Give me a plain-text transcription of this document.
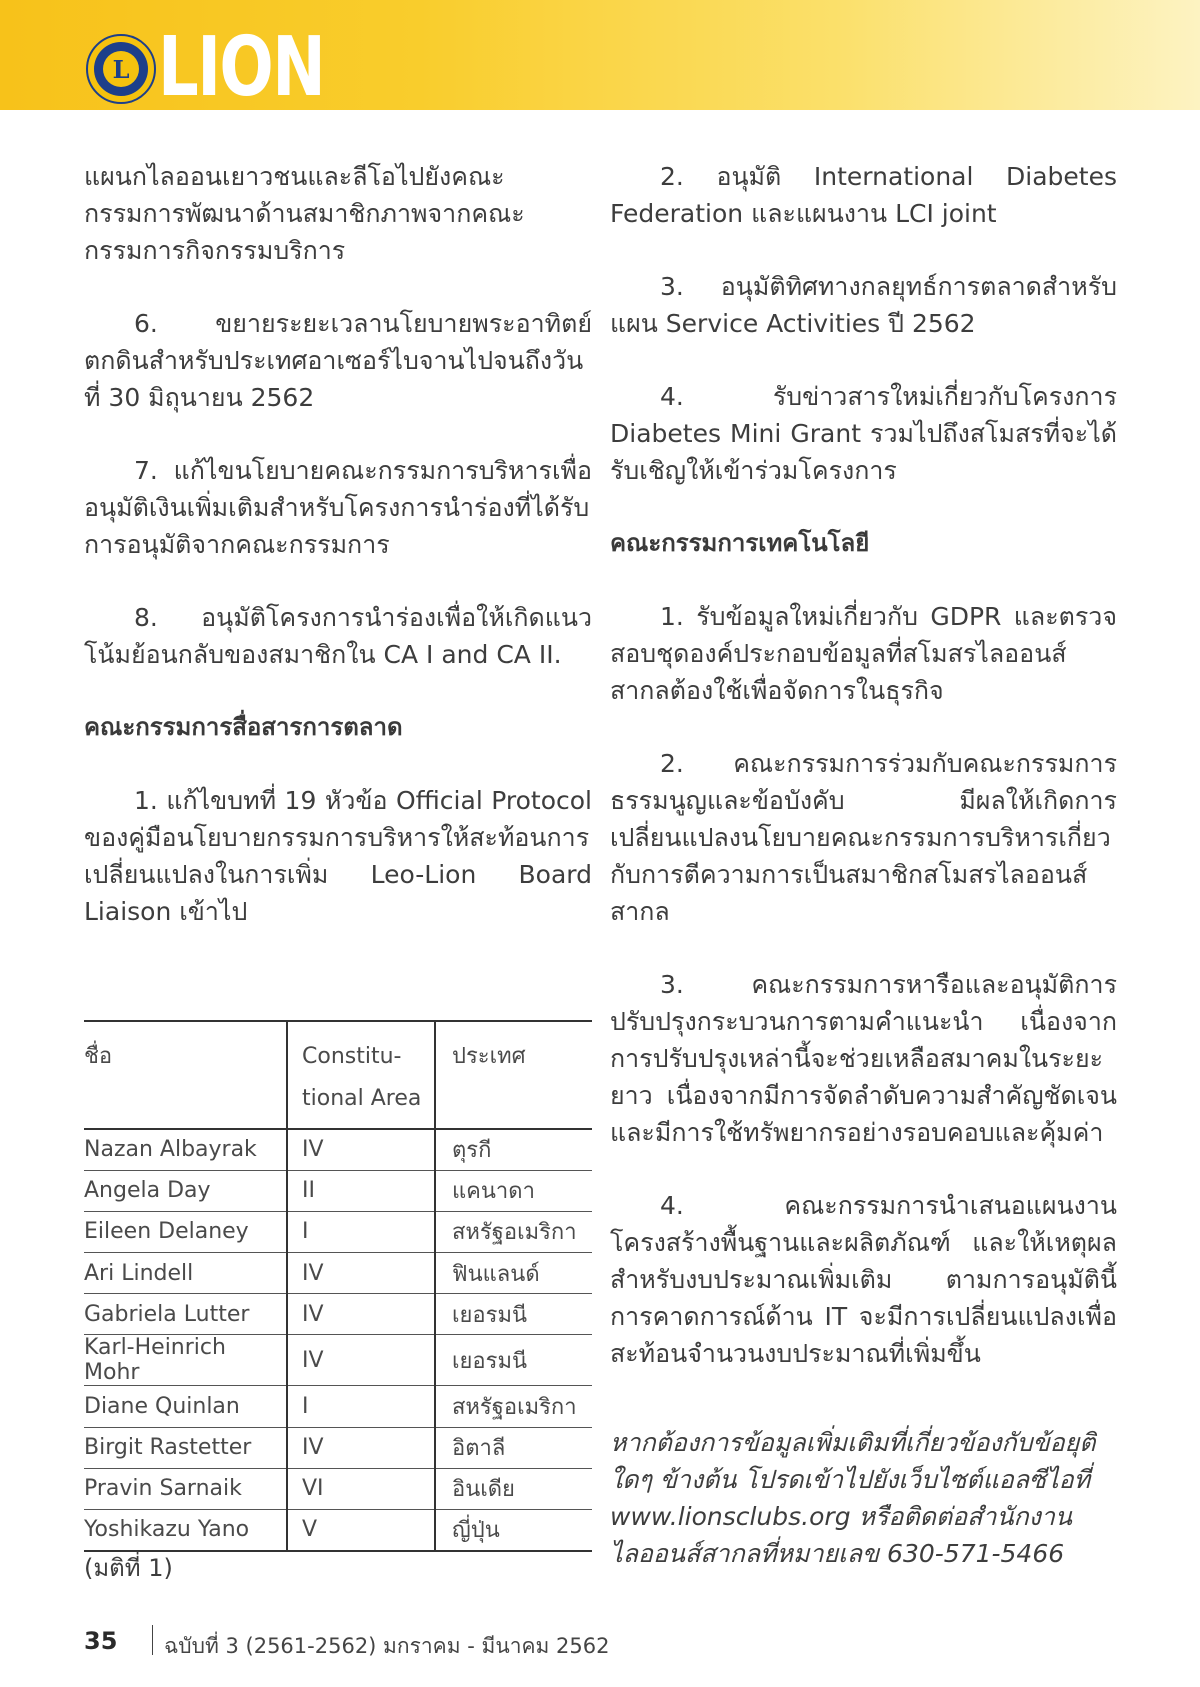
L LION

แผนกไลออนเยาวชนและลีโอไปยังคณะกรรมการพัฒนาด้านสมาชิกภาพจากคณะกรรมการกิจกรรมบริการ

6. ขยายระยะเวลานโยบายพระอาทิตย์ตกดินสำหรับประเทศอาเซอร์ไบจานไปจนถึงวันที่ 30 มิถุนายน 2562

7. แก้ไขนโยบายคณะกรรมการบริหารเพื่ออนุมัติเงินเพิ่มเติมสำหรับโครงการนำร่องที่ได้รับการอนุมัติจากคณะกรรมการ

8. อนุมัติโครงการนำร่องเพื่อให้เกิดแนวโน้มย้อนกลับของสมาชิกใน CA I and CA II.

คณะกรรมการสื่อสารการตลาด

1. แก้ไขบทที่ 19 หัวข้อ Official Protocol ของคู่มือนโยบายกรรมการบริหารให้สะท้อนการเปลี่ยนแปลงในการเพิ่ม Leo-Lion Board Liaison เข้าไป

ชื่อ	Constitu-tional Area	ประเทศ
Nazan Albayrak	IV	ตุรกี
Angela Day	II	แคนาดา
Eileen Delaney	I	สหรัฐอเมริกา
Ari Lindell	IV	ฟินแลนด์
Gabriela Lutter	IV	เยอรมนี
Karl-Heinrich Mohr	IV	เยอรมนี
Diane Quinlan	I	สหรัฐอเมริกา
Birgit Rastetter	IV	อิตาลี
Pravin Sarnaik	VI	อินเดีย
Yoshikazu Yano	V	ญี่ปุ่น
(มติที่ 1)

2. อนุมัติ International Diabetes Federation และแผนงาน LCI joint

3. อนุมัติทิศทางกลยุทธ์การตลาดสำหรับแผน Service Activities ปี 2562

4. รับข่าวสารใหม่เกี่ยวกับโครงการ Diabetes Mini Grant รวมไปถึงสโมสรที่จะได้รับเชิญให้เข้าร่วมโครงการ

คณะกรรมการเทคโนโลยี

1. รับข้อมูลใหม่เกี่ยวกับ GDPR และตรวจสอบชุดองค์ประกอบข้อมูลที่สโมสรไลออนส์สากลต้องใช้เพื่อจัดการในธุรกิจ

2. คณะกรรมการร่วมกับคณะกรรมการธรรมนูญและข้อบังคับ มีผลให้เกิดการเปลี่ยนแปลงนโยบายคณะกรรมการบริหารเกี่ยวกับการตีความการเป็นสมาชิกสโมสรไลออนส์สากล

3. คณะกรรมการหารือและอนุมัติการปรับปรุงกระบวนการตามคำแนะนำ เนื่องจากการปรับปรุงเหล่านี้จะช่วยเหลือสมาคมในระยะยาว เนื่องจากมีการจัดลำดับความสำคัญชัดเจนและมีการใช้ทรัพยากรอย่างรอบคอบและคุ้มค่า

4. คณะกรรมการนำเสนอแผนงานโครงสร้างพื้นฐานและผลิตภัณฑ์ และให้เหตุผลสำหรับงบประมาณเพิ่มเติม ตามการอนุมัตินี้ การคาดการณ์ด้าน IT จะมีการเปลี่ยนแปลงเพื่อสะท้อนจำนวนงบประมาณที่เพิ่มขึ้น

หากต้องการข้อมูลเพิ่มเติมที่เกี่ยวข้องกับข้อยุติใดๆ ข้างต้น โปรดเข้าไปยังเว็บไซต์แอลซีไอที่ www.lionsclubs.org หรือติดต่อสำนักงานไลออนส์สากลที่หมายเลข 630-571-5466

35 ฉบับที่ 3 (2561-2562) มกราคม - มีนาคม 2562
